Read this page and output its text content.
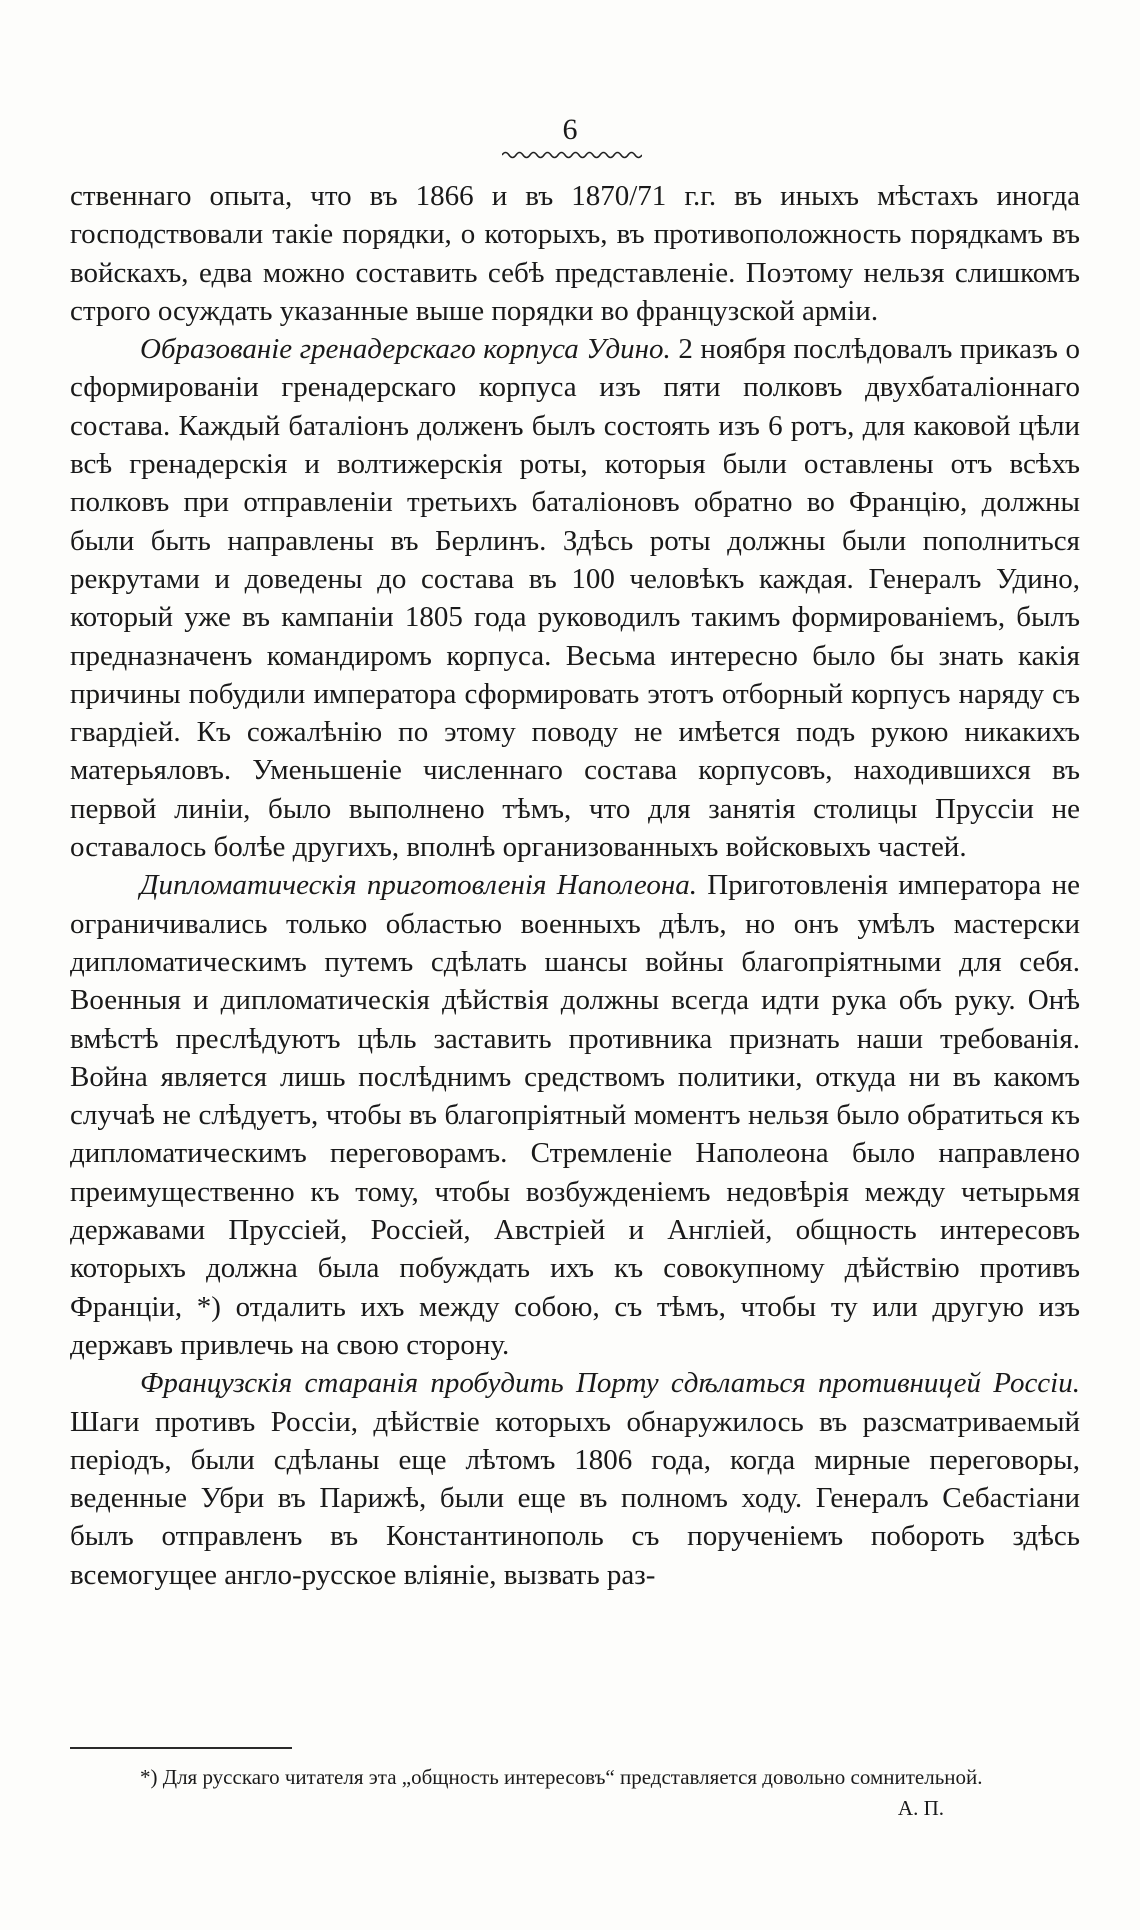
6

ственнаго опыта, что въ 1866 и въ 1870/71 г.г. въ иныхъ мѣстахъ иногда господствовали такіе порядки, о которыхъ, въ противоположность порядкамъ въ войскахъ, едва можно составить себѣ представленіе. Поэтому нельзя слишкомъ строго осуждать указанные выше порядки во французской арміи.

Образованіе гренадерскаго корпуса Удино. 2 ноября послѣдовалъ приказъ о сформированіи гренадерскаго корпуса изъ пяти полковъ двухбаталіоннаго состава. Каждый баталіонъ долженъ былъ состоять изъ 6 ротъ, для каковой цѣли всѣ гренадерскія и волтижерскія роты, которыя были оставлены отъ всѣхъ полковъ при отправленіи третьихъ баталіоновъ обратно во Францію, должны были быть направлены въ Берлинъ. Здѣсь роты должны были пополниться рекрутами и доведены до состава въ 100 человѣкъ каждая. Генералъ Удино, который уже въ кампаніи 1805 года руководилъ такимъ формированіемъ, былъ предназначенъ командиромъ корпуса. Весьма интересно было бы знать какія причины побудили императора сформировать этотъ отборный корпусъ наряду съ гвардіей. Къ сожалѣнію по этому поводу не имѣется подъ рукою никакихъ матерьяловъ. Уменьшеніе численнаго состава корпусовъ, находившихся въ первой линіи, было выполнено тѣмъ, что для занятія столицы Пруссіи не оставалось болѣе другихъ, вполнѣ организованныхъ войсковыхъ частей.

Дипломатическія приготовленія Наполеона. Приготовленія императора не ограничивались только областью военныхъ дѣлъ, но онъ умѣлъ мастерски дипломатическимъ путемъ сдѣлать шансы войны благопріятными для себя. Военныя и дипломатическія дѣйствія должны всегда идти рука объ руку. Онѣ вмѣстѣ преслѣдуютъ цѣль заставить противника признать наши требованія. Война является лишь послѣднимъ средствомъ политики, откуда ни въ какомъ случаѣ не слѣдуетъ, чтобы въ благопріятный моментъ нельзя было обратиться къ дипломатическимъ переговорамъ. Стремленіе Наполеона было направлено преимущественно къ тому, чтобы возбужденіемъ недовѣрія между четырьмя державами Пруссіей, Россіей, Австріей и Англіей, общность интересовъ которыхъ должна была побуждать ихъ къ совокупному дѣйствію противъ Франціи, *) отдалить ихъ между собою, съ тѣмъ, чтобы ту или другую изъ державъ привлечь на свою сторону.

Французскія старанія пробудить Порту сдѣлаться противницей Россіи. Шаги противъ Россіи, дѣйствіе которыхъ обнаружилось въ разсматриваемый періодъ, были сдѣланы еще лѣтомъ 1806 года, когда мирные переговоры, веденные Убри въ Парижѣ, были еще въ полномъ ходу. Генералъ Себастіани былъ отправленъ въ Константинополь съ порученіемъ побороть здѣсь всемогущее англо-русское вліяніе, вызвать раз-

*) Для русскаго читателя эта „общность интересовъ“ представляется довольно сомнительной.
А. П.
